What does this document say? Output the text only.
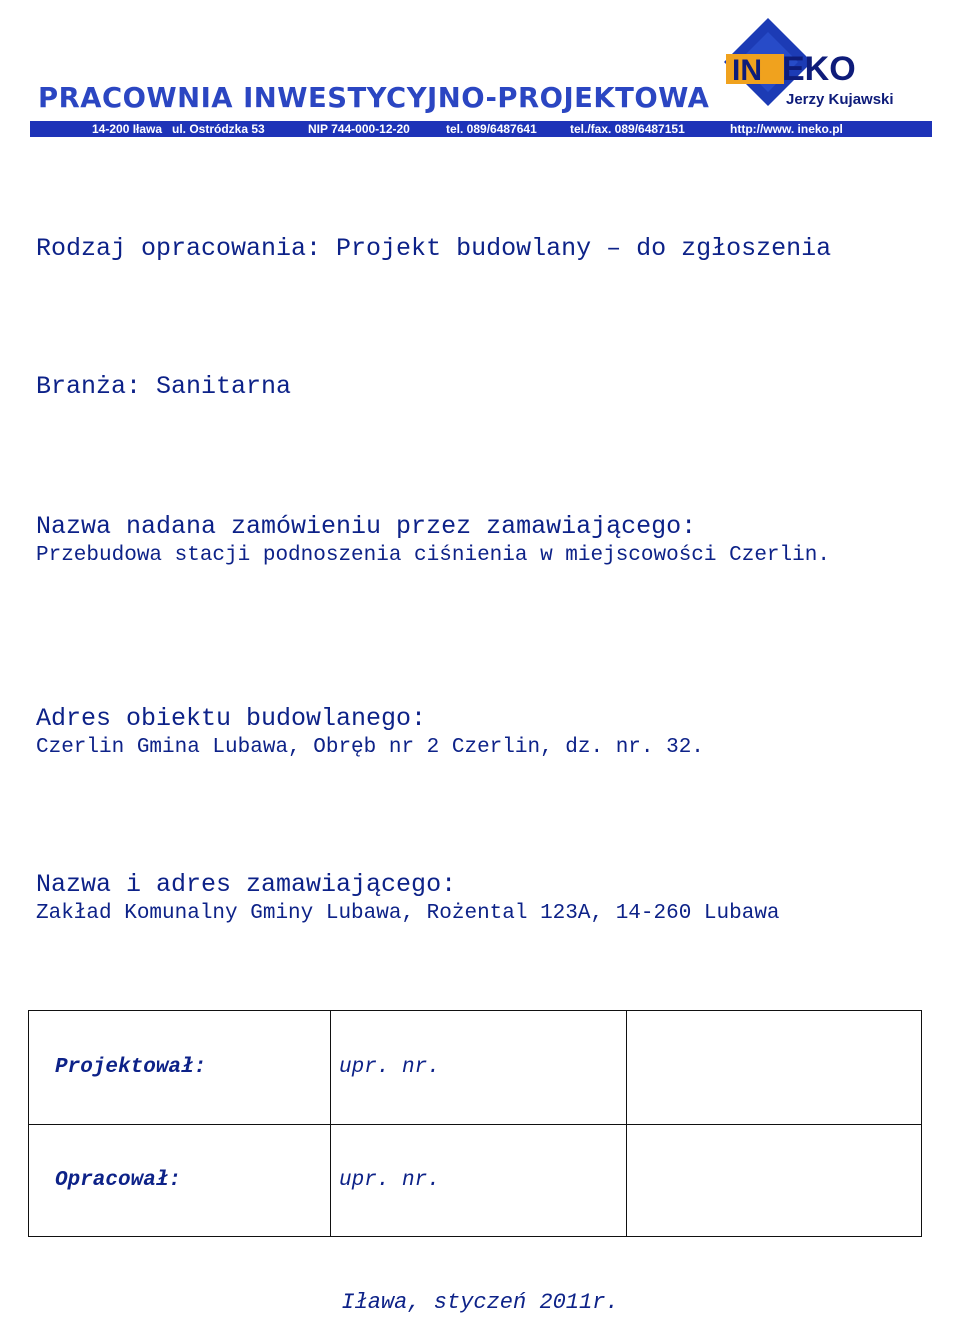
PRACOWNIA INWESTYCYJNO-PROJEKTOWA
14-200 Iława ul. Ostródzka 53	NIP 744-000-12-20	tel. 089/6487641	tel./fax. 089/6487151	http://www. ineko.pl
IN EKO
Jerzy Kujawski
Rodzaj opracowania: Projekt budowlany – do zgłoszenia
Branża: Sanitarna
Nazwa nadana zamówieniu przez zamawiającego:
Przebudowa stacji podnoszenia ciśnienia w miejscowości Czerlin.
Adres obiektu budowlanego:
Czerlin Gmina Lubawa, Obręb nr 2 Czerlin, dz. nr. 32.
Nazwa i adres zamawiającego:
Zakład Komunalny Gminy Lubawa, Rożental 123A, 14-260 Lubawa
Projektował:	upr. nr.
Opracował:	upr. nr.
Iława, styczeń 2011r.
